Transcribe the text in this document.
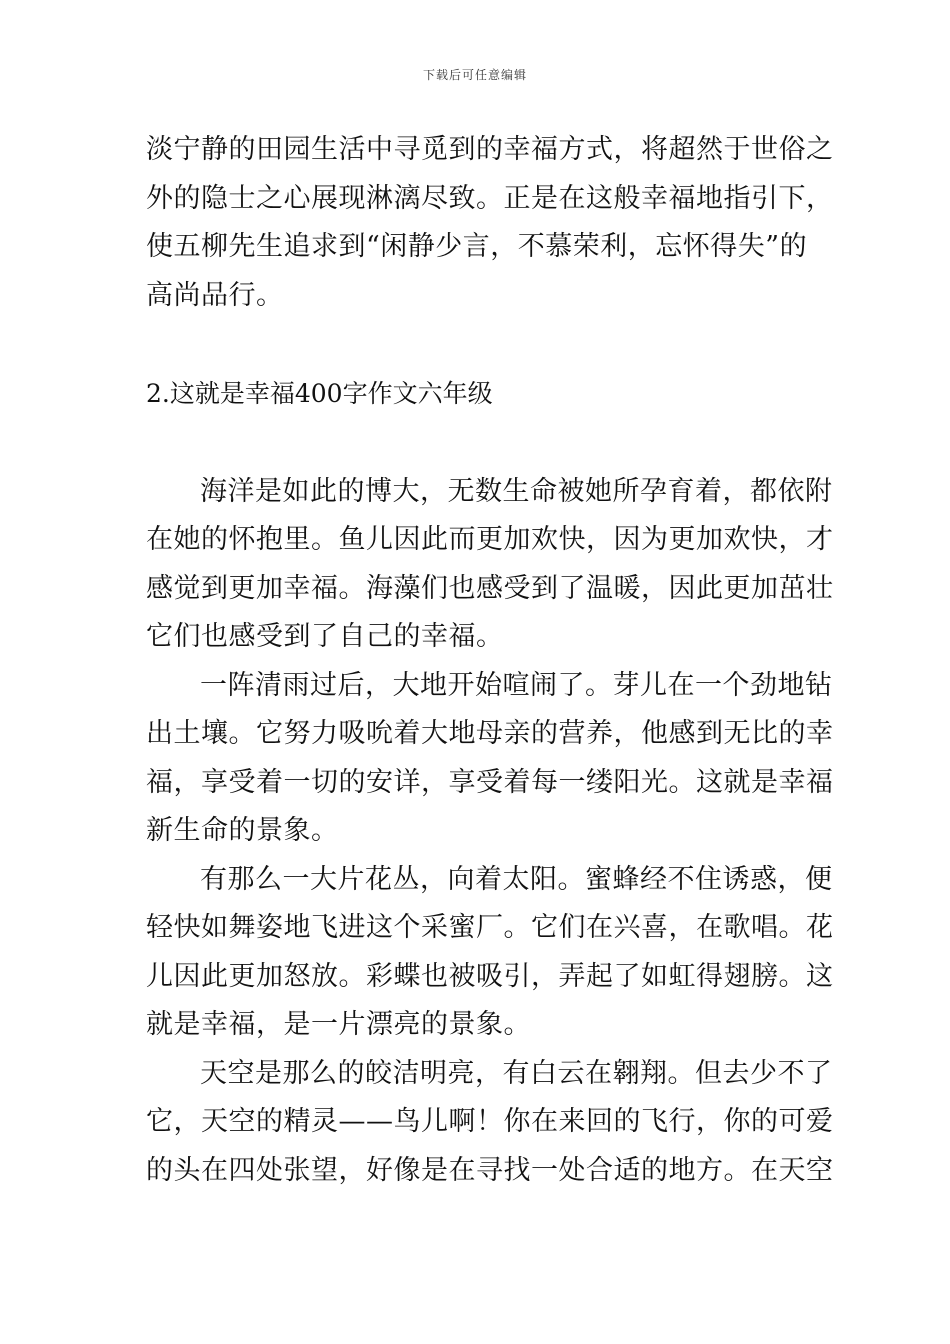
下载后可任意编辑
淡宁静的田园生活中寻觅到的幸福方式，将超然于世俗之
外的隐士之心展现淋漓尽致。正是在这般幸福地指引下，
使五柳先生追求到“闲静少言，不慕荣利，忘怀得失”的
高尚品行。
2.这就是幸福400字作文六年级
海洋是如此的博大，无数生命被她所孕育着，都依附
在她的怀抱里。鱼儿因此而更加欢快，因为更加欢快，才
感觉到更加幸福。海藻们也感受到了温暖，因此更加茁壮
它们也感受到了自己的幸福。
一阵清雨过后，大地开始喧闹了。芽儿在一个劲地钻
出土壤。它努力吸吮着大地母亲的营养，他感到无比的幸
福，享受着一切的安详，享受着每一缕阳光。这就是幸福
新生命的景象。
有那么一大片花丛，向着太阳。蜜蜂经不住诱惑，便
轻快如舞姿地飞进这个采蜜厂。它们在兴喜，在歌唱。花
儿因此更加怒放。彩蝶也被吸引，弄起了如虹得翅膀。这
就是幸福，是一片漂亮的景象。
天空是那么的皎洁明亮，有白云在翱翔。但去少不了
它，天空的精灵——鸟儿啊！你在来回的飞行，你的可爱
的头在四处张望，好像是在寻找一处合适的地方。在天空
